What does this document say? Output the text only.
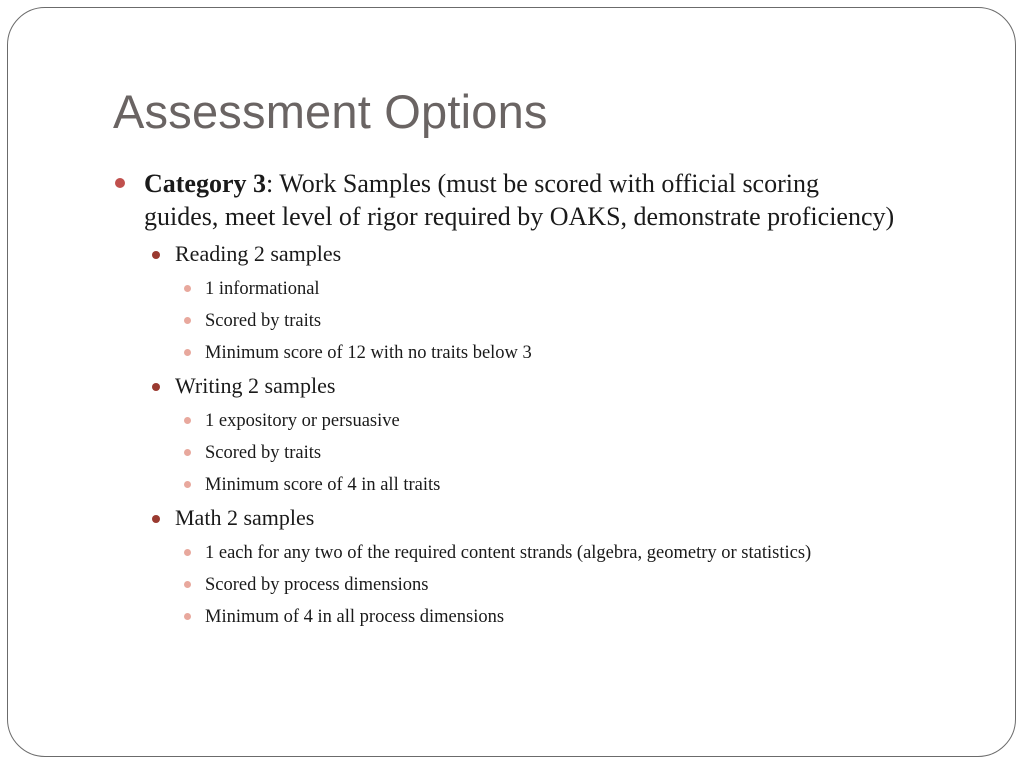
Assessment Options
Category 3: Work Samples (must be scored with official scoring
guides, meet level of rigor required by OAKS, demonstrate proficiency)
Reading 2 samples
1 informational
Scored by traits
Minimum score of 12 with no traits below 3
Writing 2 samples
1 expository or persuasive
Scored by traits
Minimum score of 4 in all traits
Math 2 samples
1 each for any two of the required content strands (algebra, geometry or statistics)
Scored by process dimensions
Minimum of 4 in all process dimensions
